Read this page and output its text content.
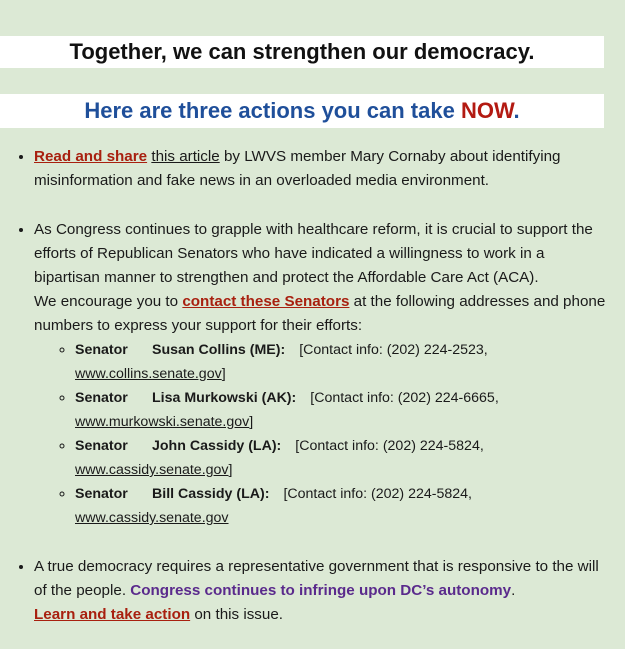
Together, we can strengthen our democracy.
Here are three actions you can take NOW.
• Read and share this article by LWVS member Mary Cornaby about identifying misinformation and fake news in an overloaded media environment.
• As Congress continues to grapple with healthcare reform, it is crucial to support the efforts of Republican Senators who have indicated a willingness to work in a bipartisan manner to strengthen and protect the Affordable Care Act (ACA).
We encourage you to contact these Senators at the following addresses and phone numbers to express your support for their efforts:
◦ Senator Susan Collins (ME): [Contact info: (202) 224-2523,
www.collins.senate.gov]
◦ Senator Lisa Murkowski (AK): [Contact info: (202) 224-6665,
www.murkowski.senate.gov]
◦ Senator John Cassidy (LA): [Contact info: (202) 224-5824,
www.cassidy.senate.gov]
◦ Senator Bill Cassidy (LA): [Contact info: (202) 224-5824,
www.cassidy.senate.gov
• A true democracy requires a representative government that is responsive to the will of the people. Congress continues to infringe upon DC’s autonomy.
Learn and take action on this issue.
